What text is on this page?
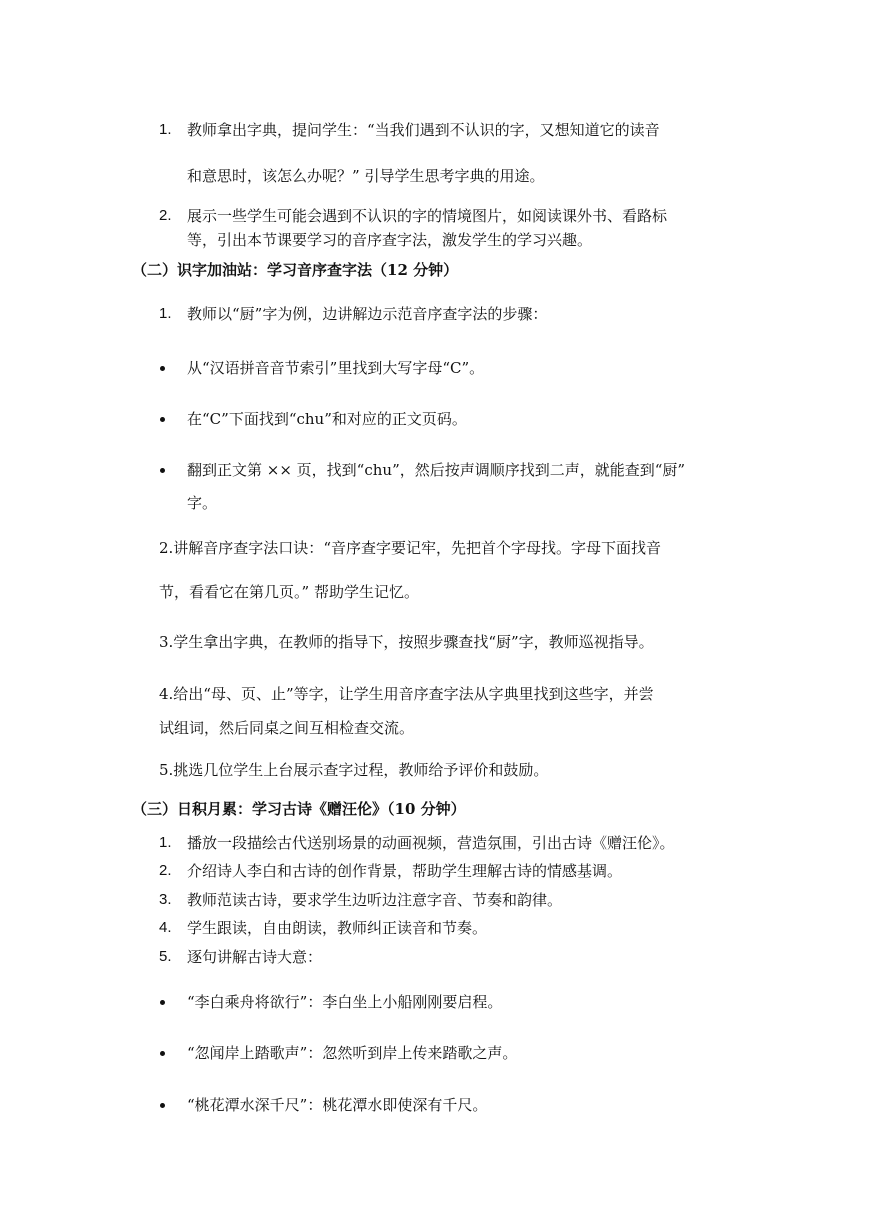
1. 教师拿出字典，提问学生：“当我们遇到不认识的字，又想知道它的读音
和意思时，该怎么办呢？” 引导学生思考字典的用途。
2. 展示一些学生可能会遇到不认识的字的情境图片，如阅读课外书、看路标
等，引出本节课要学习的音序查字法，激发学生的学习兴趣。
（二）识字加油站：学习音序查字法（12 分钟）
1. 教师以“厨”字为例，边讲解边示范音序查字法的步骤：
从“汉语拼音音节索引”里找到大写字母“C”。
在“C”下面找到“chu”和对应的正文页码。
翻到正文第 ×× 页，找到“chu”，然后按声调顺序找到二声，就能查到“厨”
字。
2.讲解音序查字法口诀：“音序查字要记牢，先把首个字母找。字母下面找音
节，看看它在第几页。” 帮助学生记忆。
3.学生拿出字典，在教师的指导下，按照步骤查找“厨”字，教师巡视指导。
4.给出“母、页、止”等字，让学生用音序查字法从字典里找到这些字，并尝
试组词，然后同桌之间互相检查交流。
5.挑选几位学生上台展示查字过程，教师给予评价和鼓励。
（三）日积月累：学习古诗《赠汪伦》（10 分钟）
1. 播放一段描绘古代送别场景的动画视频，营造氛围，引出古诗《赠汪伦》。
2. 介绍诗人李白和古诗的创作背景，帮助学生理解古诗的情感基调。
3. 教师范读古诗，要求学生边听边注意字音、节奏和韵律。
4. 学生跟读，自由朗读，教师纠正读音和节奏。
5. 逐句讲解古诗大意：
“李白乘舟将欲行”：李白坐上小船刚刚要启程。
“忽闻岸上踏歌声”：忽然听到岸上传来踏歌之声。
“桃花潭水深千尺”：桃花潭水即使深有千尺。
